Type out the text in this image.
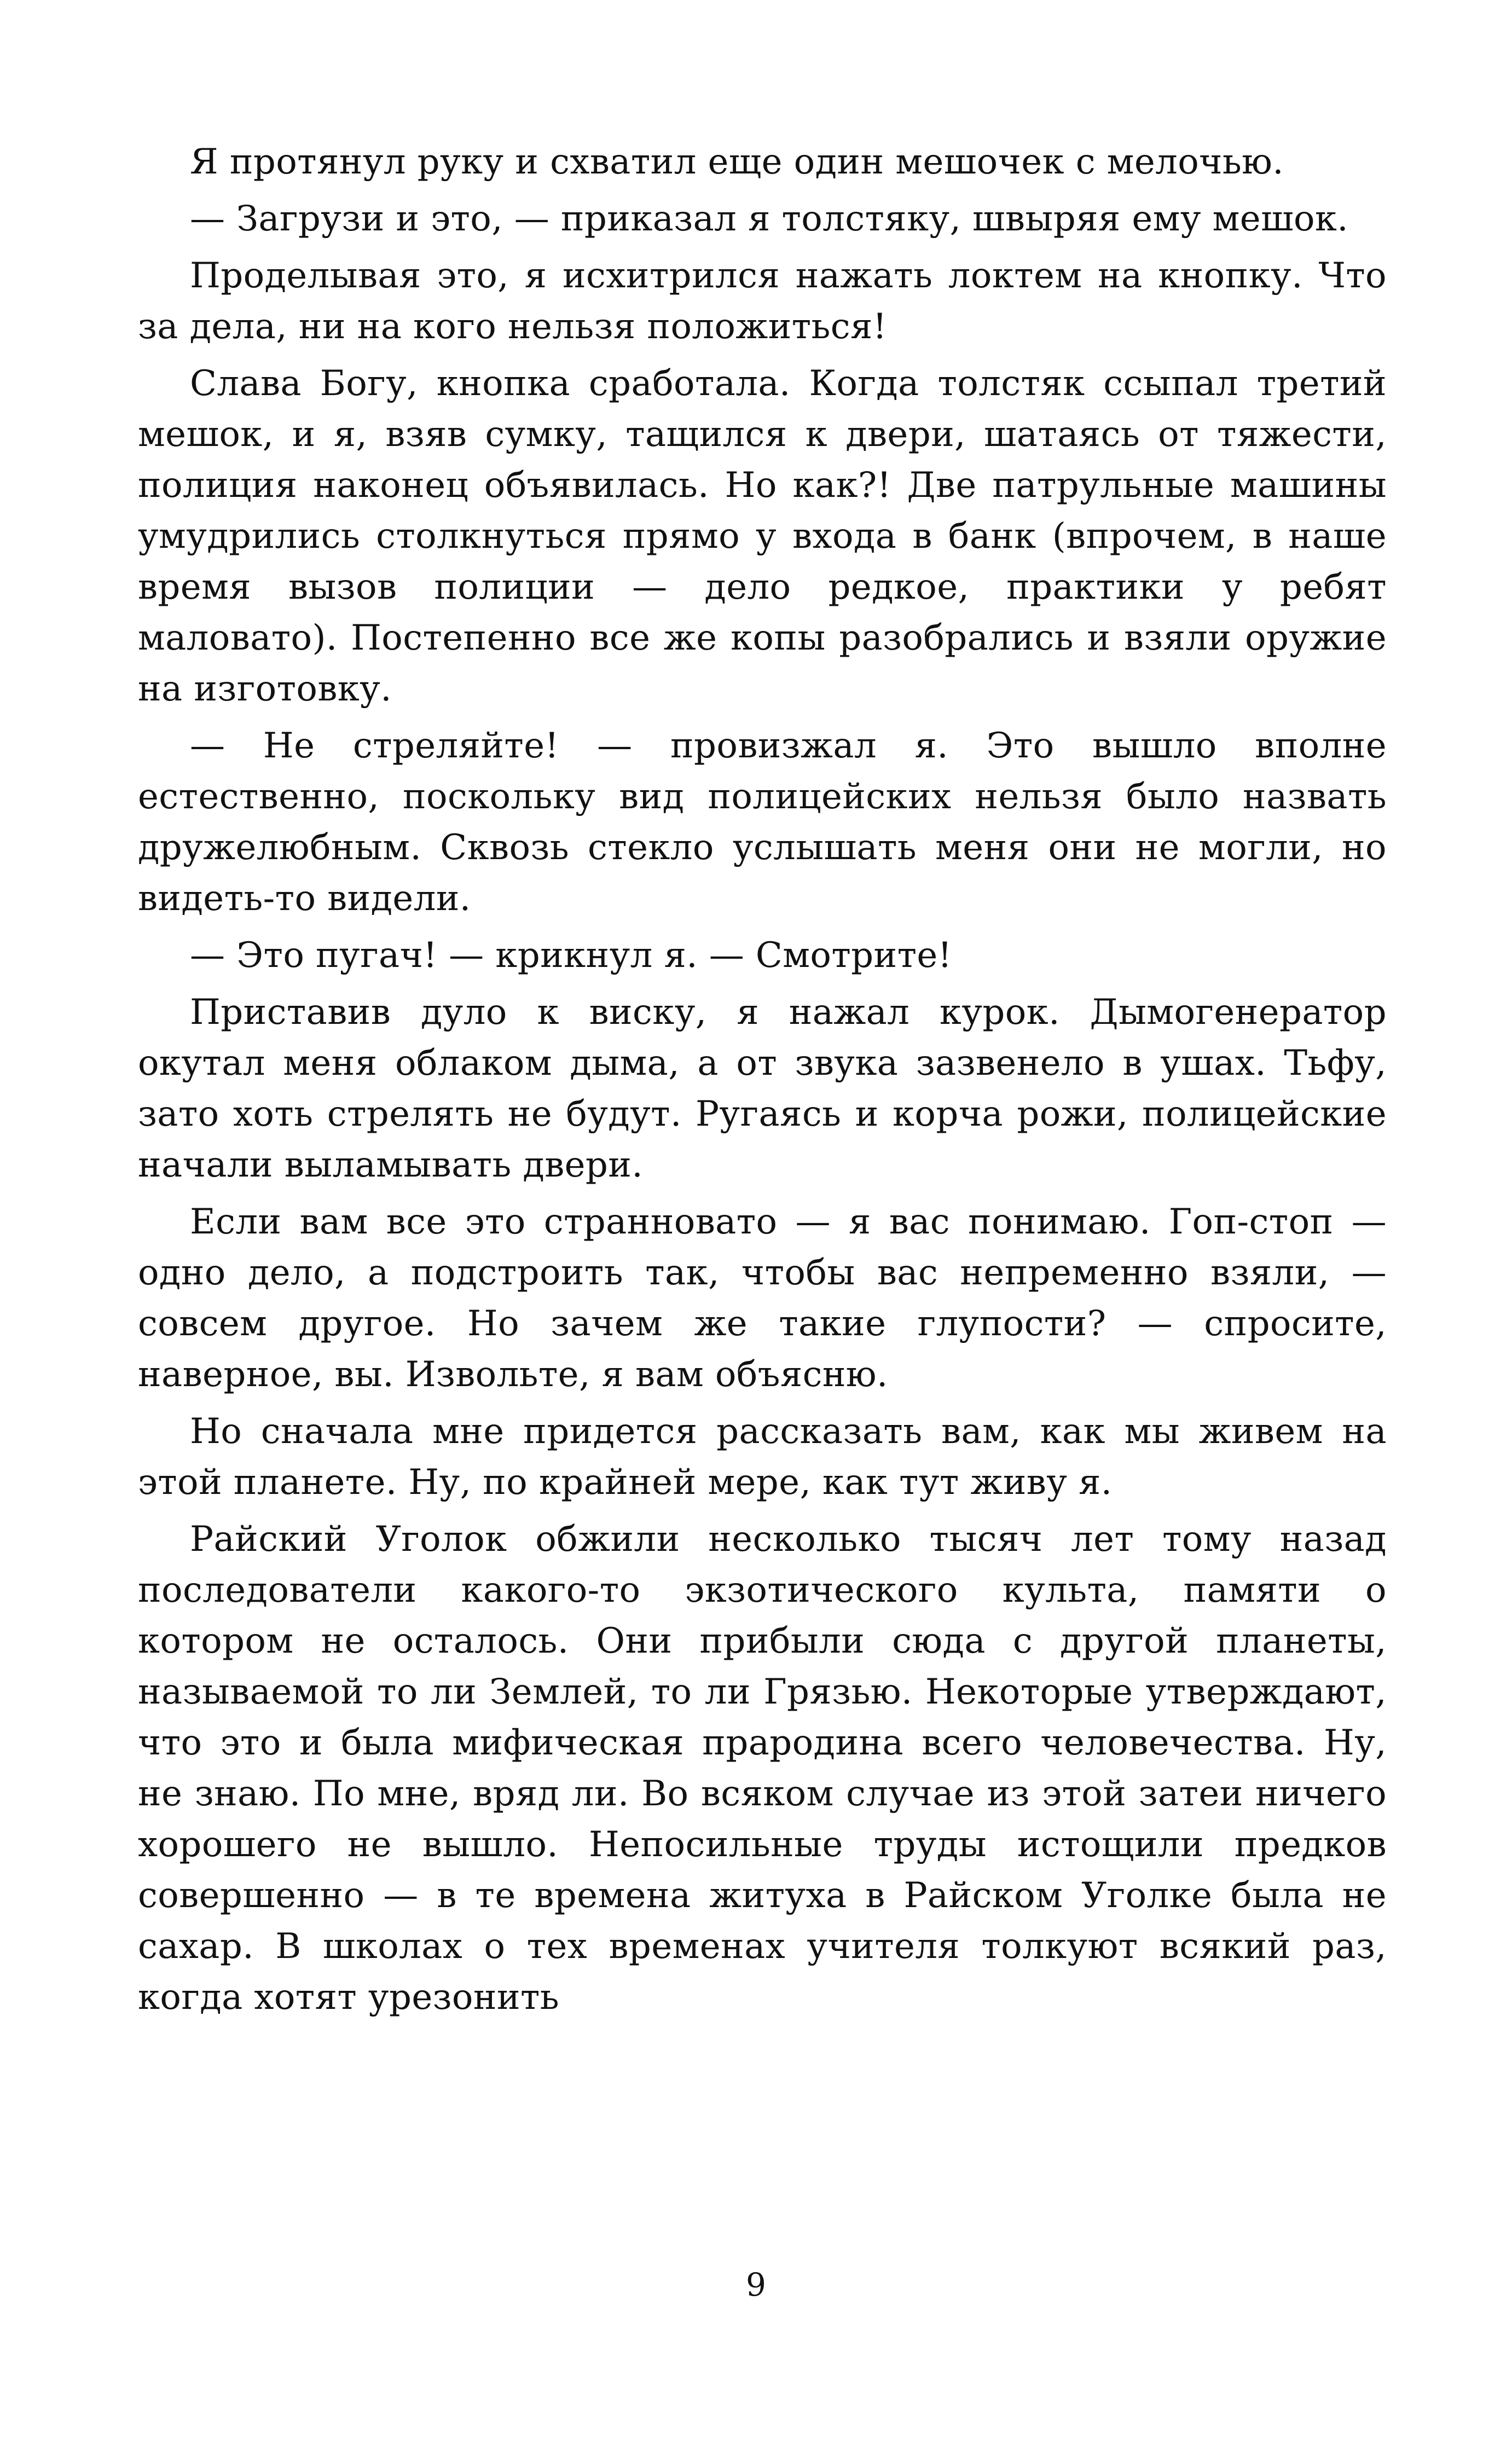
Я протянул руку и схватил еще один мешочек с мелочью.

— Загрузи и это, — приказал я толстяку, швыряя ему мешок.

Проделывая это, я исхитрился нажать локтем на кнопку. Что за дела, ни на кого нельзя положиться!

Слава Богу, кнопка сработала. Когда толстяк ссыпал третий мешок, и я, взяв сумку, тащился к двери, шатаясь от тяжести, полиция наконец объявилась. Но как?! Две патрульные машины умудрились столкнуться прямо у входа в банк (впрочем, в наше время вызов полиции — дело редкое, практики у ребят маловато). Постепенно все же копы разобрались и взяли оружие на изготовку.

— Не стреляйте! — провизжал я. Это вышло вполне естественно, поскольку вид полицейских нельзя было назвать дружелюбным. Сквозь стекло услышать меня они не могли, но видеть-то видели.

— Это пугач! — крикнул я. — Смотрите!

Приставив дуло к виску, я нажал курок. Дымогенератор окутал меня облаком дыма, а от звука зазвенело в ушах. Тьфу, зато хоть стрелять не будут. Ругаясь и корча рожи, полицейские начали выламывать двери.

Если вам все это странновато — я вас понимаю. Гоп-стоп — одно дело, а подстроить так, чтобы вас непременно взяли, — совсем другое. Но зачем же такие глупости? — спросите, наверное, вы. Извольте, я вам объясню.

Но сначала мне придется рассказать вам, как мы живем на этой планете. Ну, по крайней мере, как тут живу я.

Райский Уголок обжили несколько тысяч лет тому назад последователи какого-то экзотического культа, памяти о котором не осталось. Они прибыли сюда с другой планеты, называемой то ли Землей, то ли Грязью. Некоторые утверждают, что это и была мифическая прародина всего человечества. Ну, не знаю. По мне, вряд ли. Во всяком случае из этой затеи ничего хорошего не вышло. Непосильные труды истощили предков совершенно — в те времена житуха в Райском Уголке была не сахар. В школах о тех временах учителя толкуют всякий раз, когда хотят урезонить

9
